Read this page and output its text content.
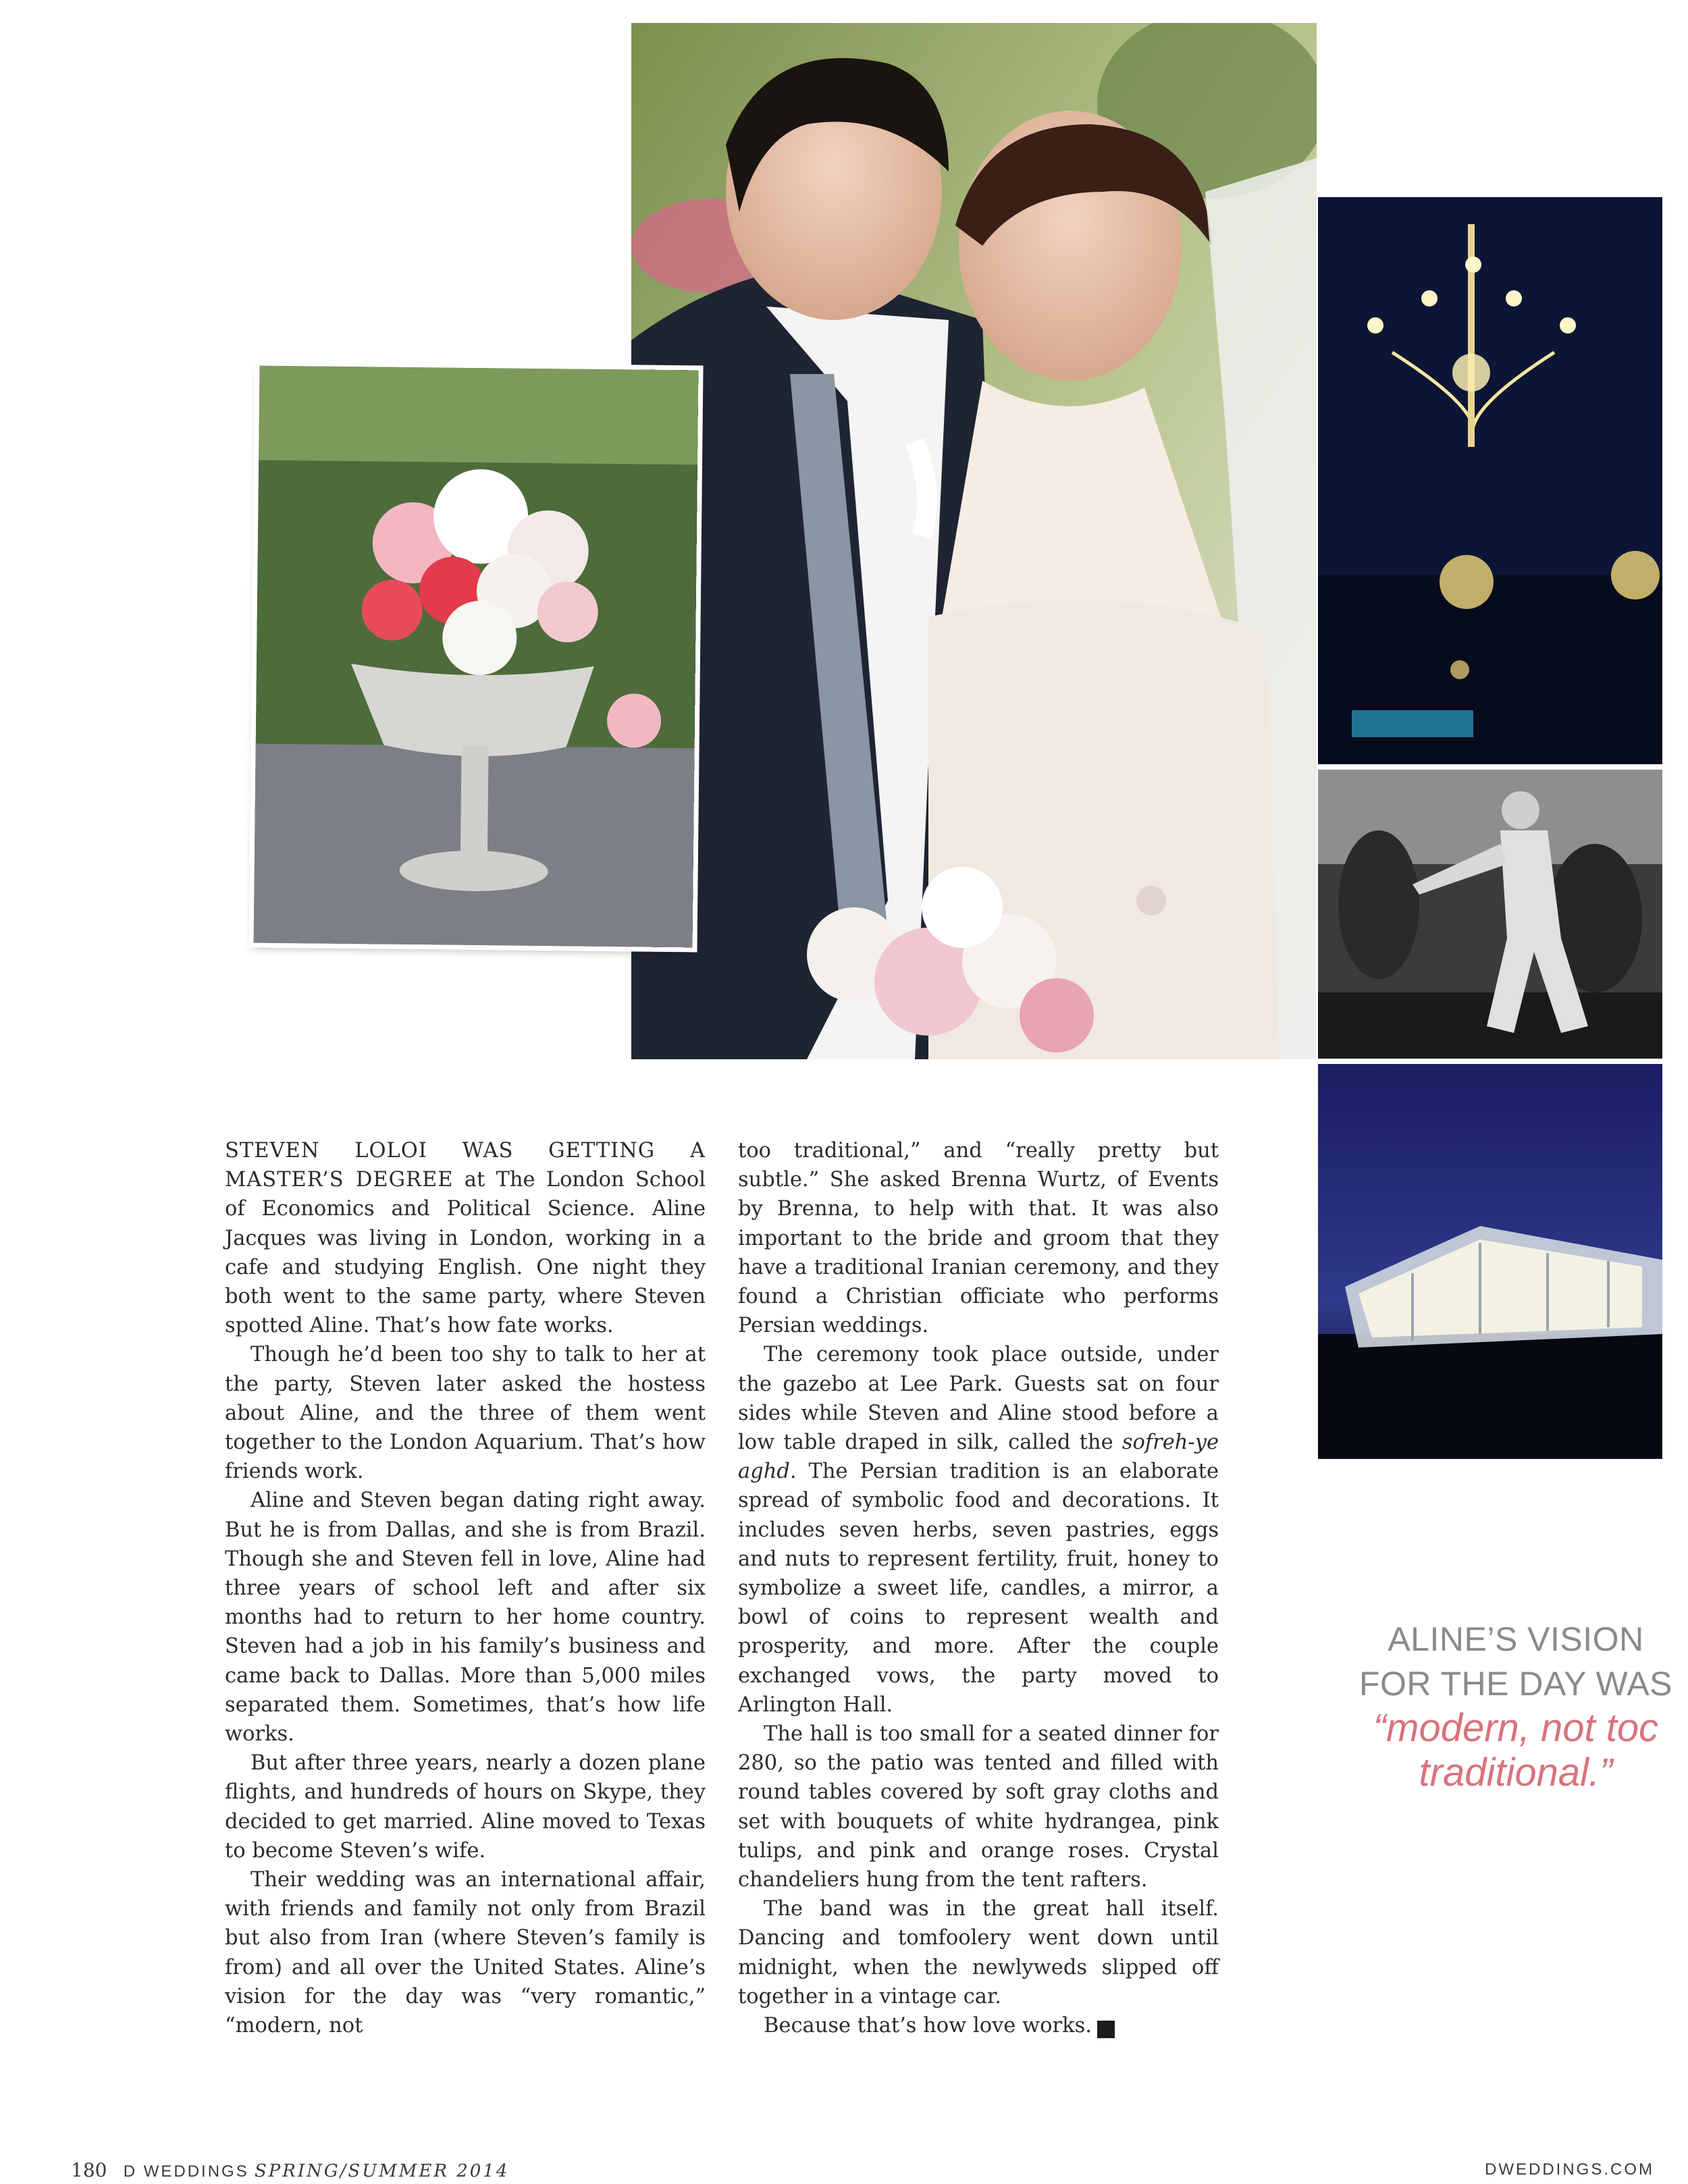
STEVEN LOLOI WAS GETTING A MASTER’S DEGREE at The London School of Economics and Political Science. Aline Jacques was living in London, working in a cafe and studying English. One night they both went to the same party, where Steven spotted Aline. That’s how fate works.

Though he’d been too shy to talk to her at the party, Steven later asked the hostess about Aline, and the three of them went together to the London Aquarium. That’s how friends work.

Aline and Steven began dating right away. But he is from Dallas, and she is from Brazil. Though she and Steven fell in love, Aline had three years of school left and after six months had to return to her home country. Steven had a job in his family’s business and came back to Dallas. More than 5,000 miles separated them. Sometimes, that’s how life works.

But after three years, nearly a dozen plane flights, and hundreds of hours on Skype, they decided to get married. Aline moved to Texas to become Steven’s wife.

Their wedding was an international affair, with friends and family not only from Brazil but also from Iran (where Steven’s family is from) and all over the United States. Aline’s vision for the day was “very romantic,” “modern, not

too traditional,” and “really pretty but subtle.” She asked Brenna Wurtz, of Events by Brenna, to help with that. It was also important to the bride and groom that they have a traditional Iranian ceremony, and they found a Christian officiate who performs Persian weddings.

The ceremony took place outside, under the gazebo at Lee Park. Guests sat on four sides while Steven and Aline stood before a low table draped in silk, called the sofreh-ye aghd. The Persian tradition is an elaborate spread of symbolic food and decorations. It includes seven herbs, seven pastries, eggs and nuts to represent fertility, fruit, honey to symbolize a sweet life, candles, a mirror, a bowl of coins to represent wealth and prosperity, and more. After the couple exchanged vows, the party moved to Arlington Hall.

The hall is too small for a seated dinner for 280, so the patio was tented and filled with round tables covered by soft gray cloths and set with bouquets of white hydrangea, pink tulips, and pink and orange roses. Crystal chandeliers hung from the tent rafters.

The band was in the great hall itself. Dancing and tomfoolery went down until midnight, when the newlyweds slipped off together in a vintage car.

Because that’s how love works. D

ALINE’S VISION
FOR THE DAY WAS
“modern, not toc
traditional.”
180 D WEDDINGS SPRING/SUMMER 2014	DWEDDINGS.COM
